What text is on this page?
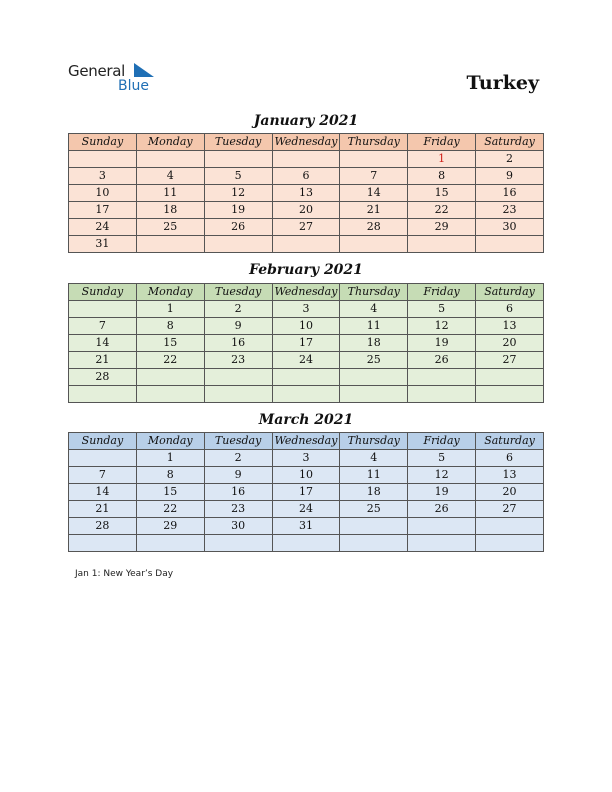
General
Blue	Turkey
January 2021
Sunday	Monday	Tuesday	Wednesday	Thursday	Friday	Saturday
					1	2
3	4	5	6	7	8	9
10	11	12	13	14	15	16
17	18	19	20	21	22	23
24	25	26	27	28	29	30
31						
February 2021
Sunday	Monday	Tuesday	Wednesday	Thursday	Friday	Saturday
	1	2	3	4	5	6
7	8	9	10	11	12	13
14	15	16	17	18	19	20
21	22	23	24	25	26	27
28						

March 2021
Sunday	Monday	Tuesday	Wednesday	Thursday	Friday	Saturday
	1	2	3	4	5	6
7	8	9	10	11	12	13
14	15	16	17	18	19	20
21	22	23	24	25	26	27
28	29	30	31			

Jan 1: New Year’s Day
